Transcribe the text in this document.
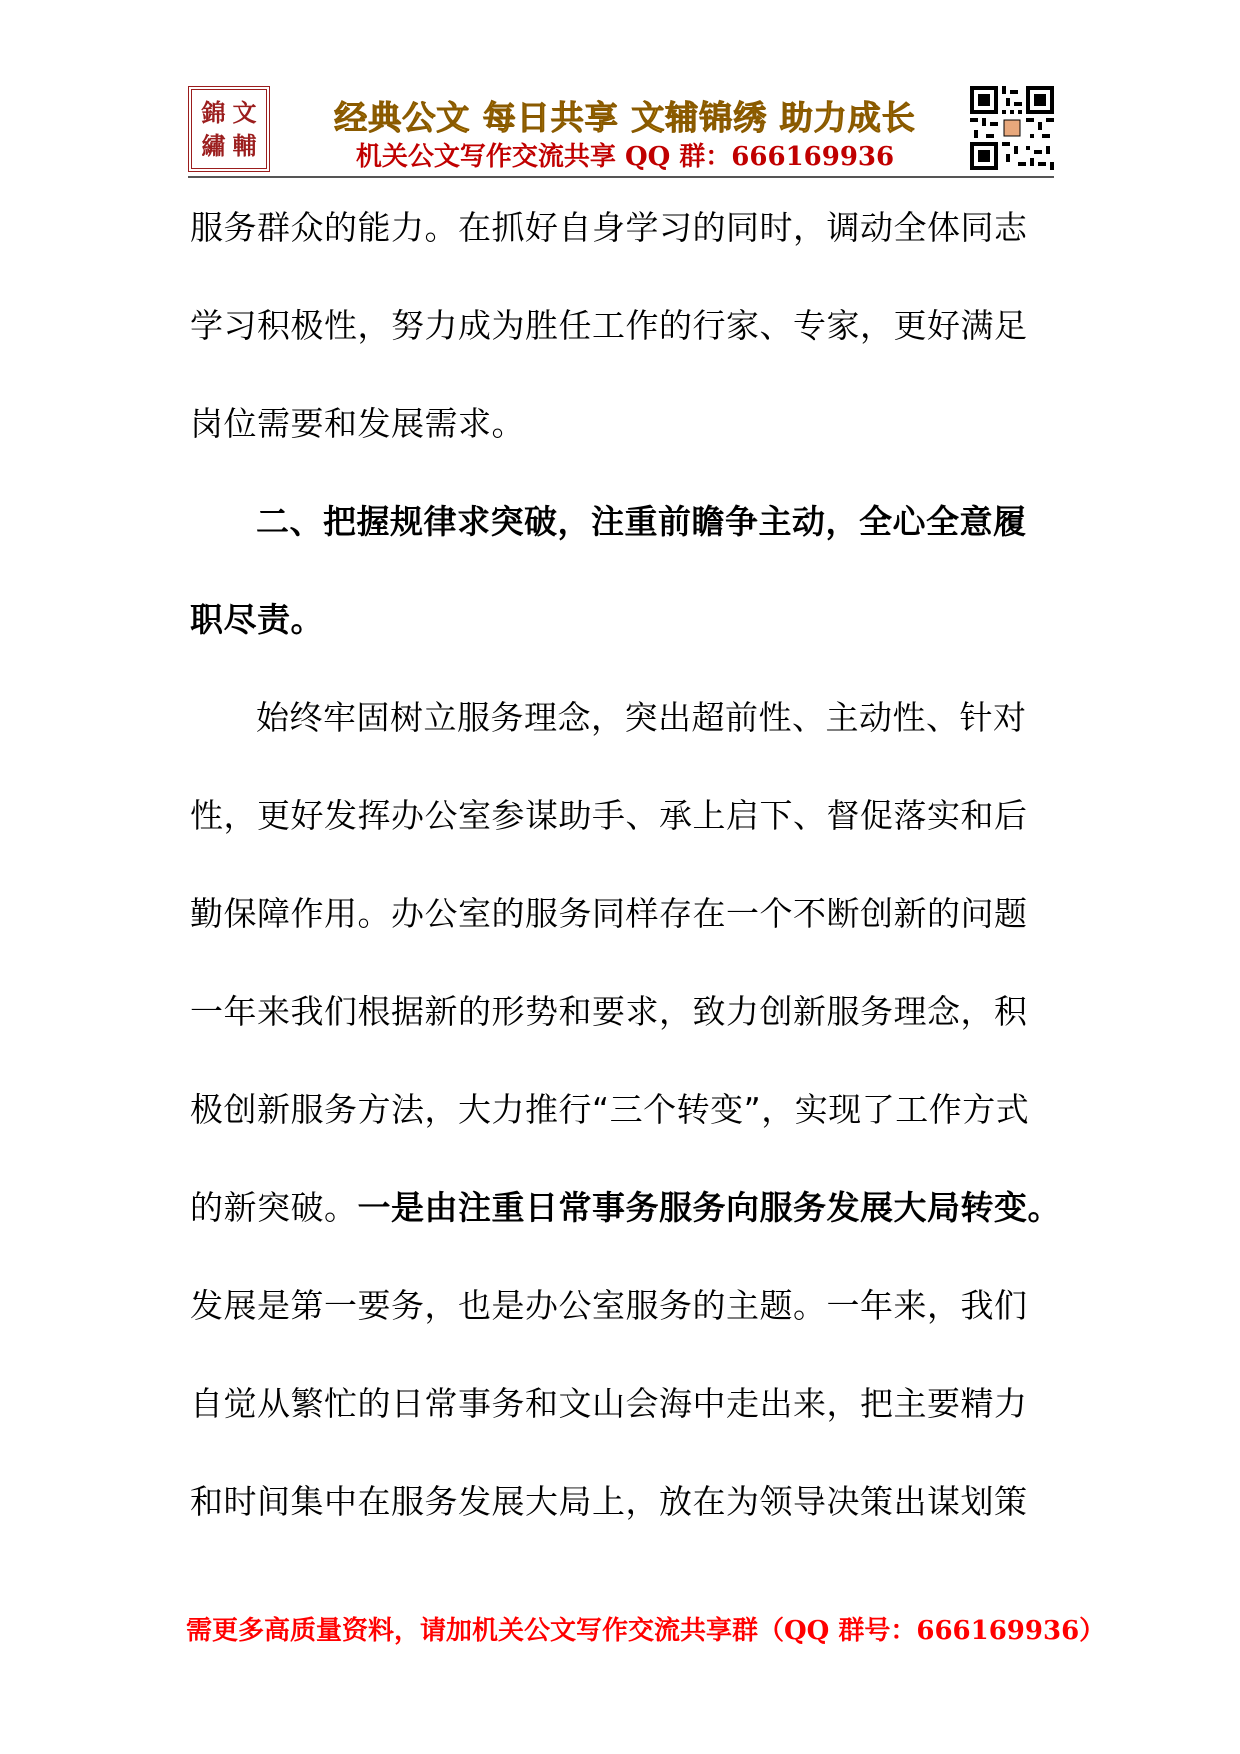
錦 文
繡 輔
经典公文 每日共享 文辅锦绣 助力成长
机关公文写作交流共享 QQ 群：666169936
服务群众的能力。在抓好自身学习的同时，调动全体同志
学习积极性，努力成为胜任工作的行家、专家，更好满足
岗位需要和发展需求。
二、把握规律求突破，注重前瞻争主动，全心全意履
职尽责。
始终牢固树立服务理念，突出超前性、主动性、针对
性，更好发挥办公室参谋助手、承上启下、督促落实和后
勤保障作用。办公室的服务同样存在一个不断创新的问题
一年来我们根据新的形势和要求，致力创新服务理念，积
极创新服务方法，大力推行“三个转变”，实现了工作方式
的新突破。一是由注重日常事务服务向服务发展大局转变。
发展是第一要务，也是办公室服务的主题。一年来，我们
自觉从繁忙的日常事务和文山会海中走出来，把主要精力
和时间集中在服务发展大局上，放在为领导决策出谋划策
需更多高质量资料，请加机关公文写作交流共享群（QQ 群号：666169936）
